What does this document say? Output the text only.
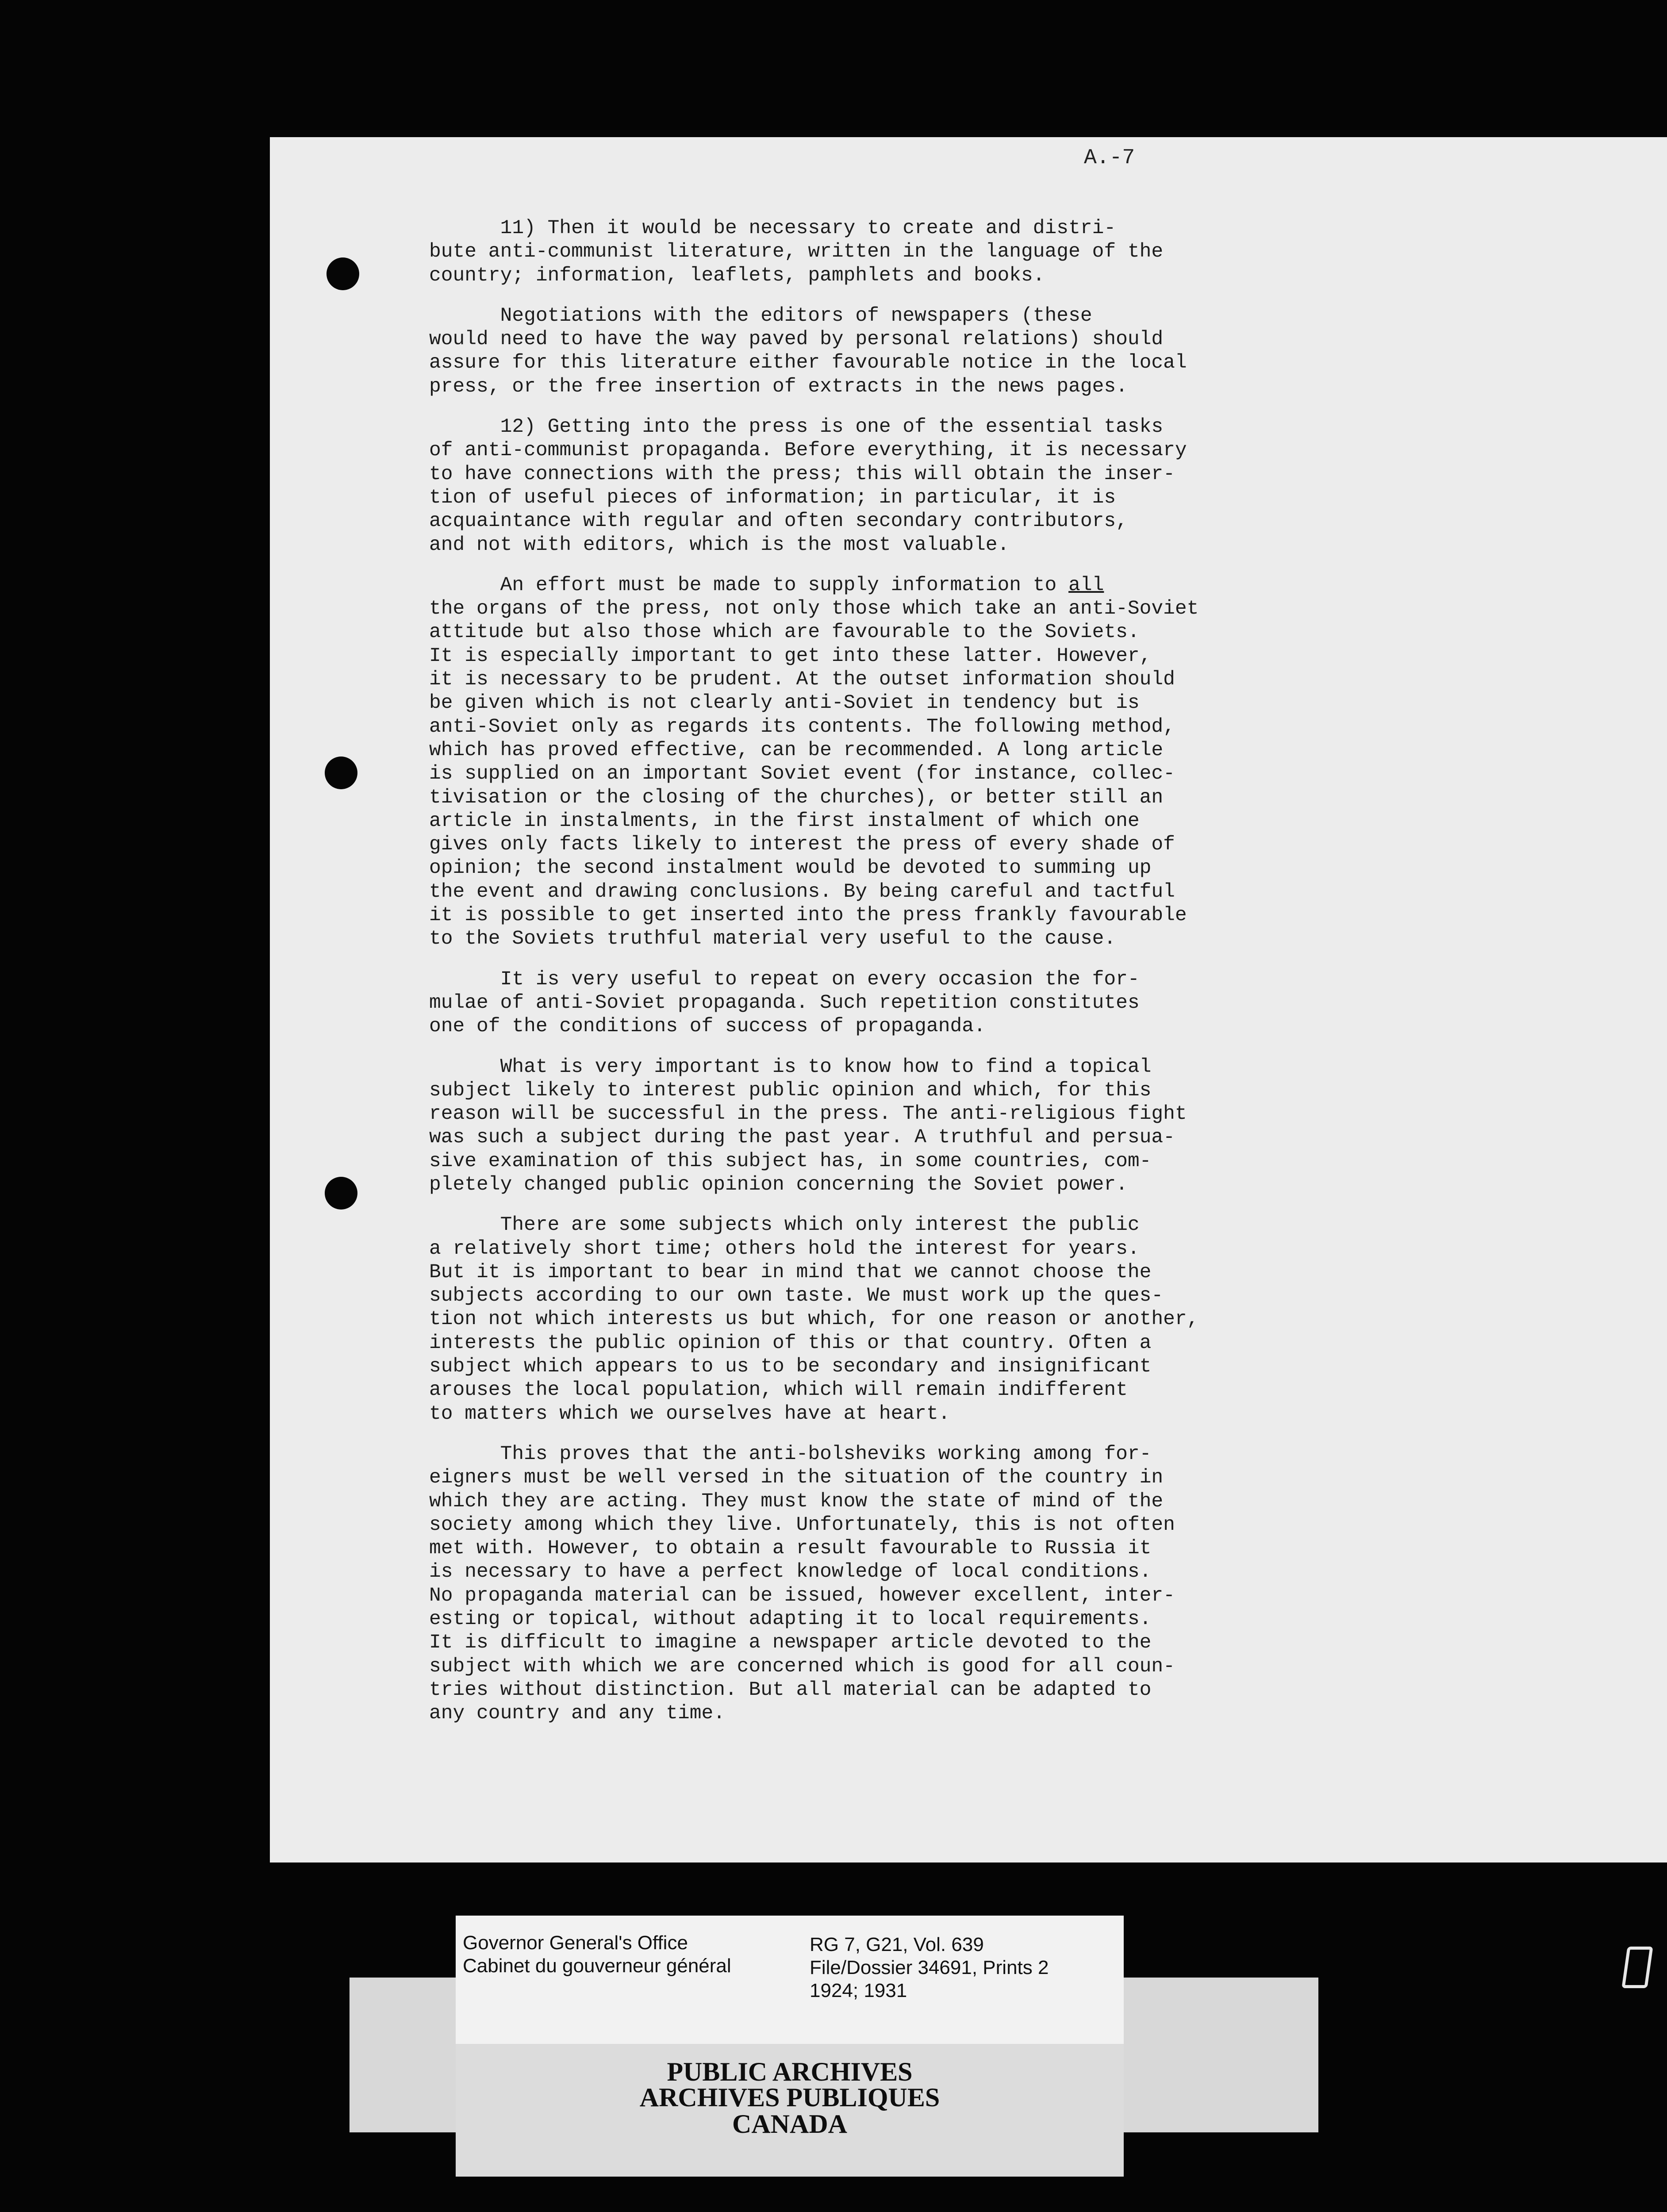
A.-7
11) Then it would be necessary to create and distri-
bute anti-communist literature, written in the language of the
country; information, leaflets, pamphlets and books.
Negotiations with the editors of newspapers (these
would need to have the way paved by personal relations) should
assure for this literature either favourable notice in the local
press, or the free insertion of extracts in the news pages.
12) Getting into the press is one of the essential tasks
of anti-communist propaganda. Before everything, it is necessary
to have connections with the press; this will obtain the inser-
tion of useful pieces of information; in particular, it is
acquaintance with regular and often secondary contributors,
and not with editors, which is the most valuable.
An effort must be made to supply information to all
the organs of the press, not only those which take an anti-Soviet
attitude but also those which are favourable to the Soviets.
It is especially important to get into these latter. However,
it is necessary to be prudent. At the outset information should
be given which is not clearly anti-Soviet in tendency but is
anti-Soviet only as regards its contents. The following method,
which has proved effective, can be recommended. A long article
is supplied on an important Soviet event (for instance, collec-
tivisation or the closing of the churches), or better still an
article in instalments, in the first instalment of which one
gives only facts likely to interest the press of every shade of
opinion; the second instalment would be devoted to summing up
the event and drawing conclusions. By being careful and tactful
it is possible to get inserted into the press frankly favourable
to the Soviets truthful material very useful to the cause.
It is very useful to repeat on every occasion the for-
mulae of anti-Soviet propaganda. Such repetition constitutes
one of the conditions of success of propaganda.
What is very important is to know how to find a topical
subject likely to interest public opinion and which, for this
reason will be successful in the press. The anti-religious fight
was such a subject during the past year. A truthful and persua-
sive examination of this subject has, in some countries, com-
pletely changed public opinion concerning the Soviet power.
There are some subjects which only interest the public
a relatively short time; others hold the interest for years.
But it is important to bear in mind that we cannot choose the
subjects according to our own taste. We must work up the ques-
tion not which interests us but which, for one reason or another,
interests the public opinion of this or that country. Often a
subject which appears to us to be secondary and insignificant
arouses the local population, which will remain indifferent
to matters which we ourselves have at heart.
This proves that the anti-bolsheviks working among for-
eigners must be well versed in the situation of the country in
which they are acting. They must know the state of mind of the
society among which they live. Unfortunately, this is not often
met with. However, to obtain a result favourable to Russia it
is necessary to have a perfect knowledge of local conditions.
No propaganda material can be issued, however excellent, inter-
esting or topical, without adapting it to local requirements.
It is difficult to imagine a newspaper article devoted to the
subject with which we are concerned which is good for all coun-
tries without distinction. But all material can be adapted to
any country and any time.
Governor General's Office
Cabinet du gouverneur général
RG 7, G21, Vol. 639
File/Dossier 34691, Prints 2
1924; 1931
PUBLIC ARCHIVES
ARCHIVES PUBLIQUES
CANADA
